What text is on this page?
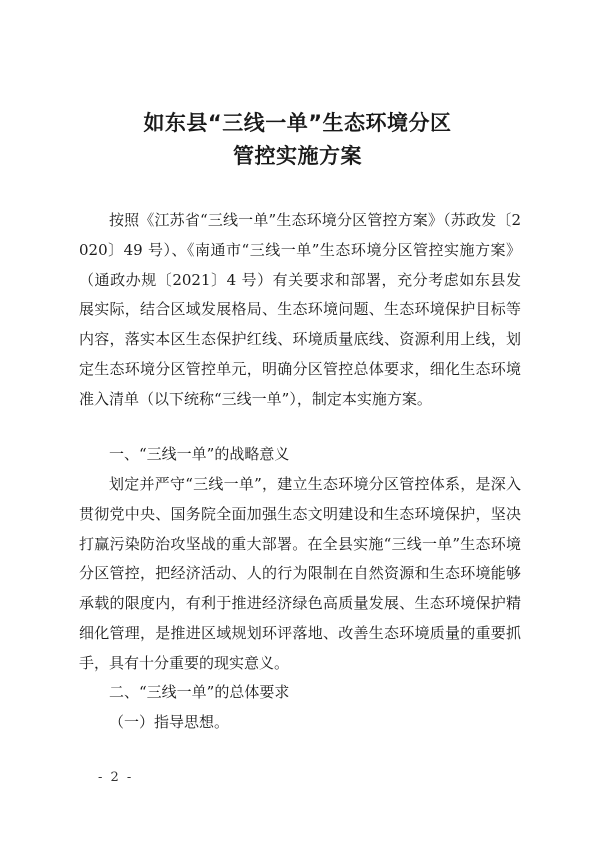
如东县“三线一单”生态环境分区
管控实施方案
按照《江苏省“三线一单”生态环境分区管控方案》（苏政发〔2020〕49 号）、《南通市“三线一单”生态环境分区管控实施方案》（通政办规〔2021〕4 号）有关要求和部署，充分考虑如东县发展实际，结合区域发展格局、生态环境问题、生态环境保护目标等内容，落实本区生态保护红线、环境质量底线、资源利用上线，划定生态环境分区管控单元，明确分区管控总体要求，细化生态环境准入清单（以下统称“三线一单”），制定本实施方案。
一、“三线一单”的战略意义
划定并严守“三线一单”，建立生态环境分区管控体系，是深入贯彻党中央、国务院全面加强生态文明建设和生态环境保护，坚决打赢污染防治攻坚战的重大部署。在全县实施“三线一单”生态环境分区管控，把经济活动、人的行为限制在自然资源和生态环境能够承载的限度内，有利于推进经济绿色高质量发展、生态环境保护精细化管理，是推进区域规划环评落地、改善生态环境质量的重要抓手，具有十分重要的现实意义。
二、“三线一单”的总体要求
（一）指导思想。
- 2 -
